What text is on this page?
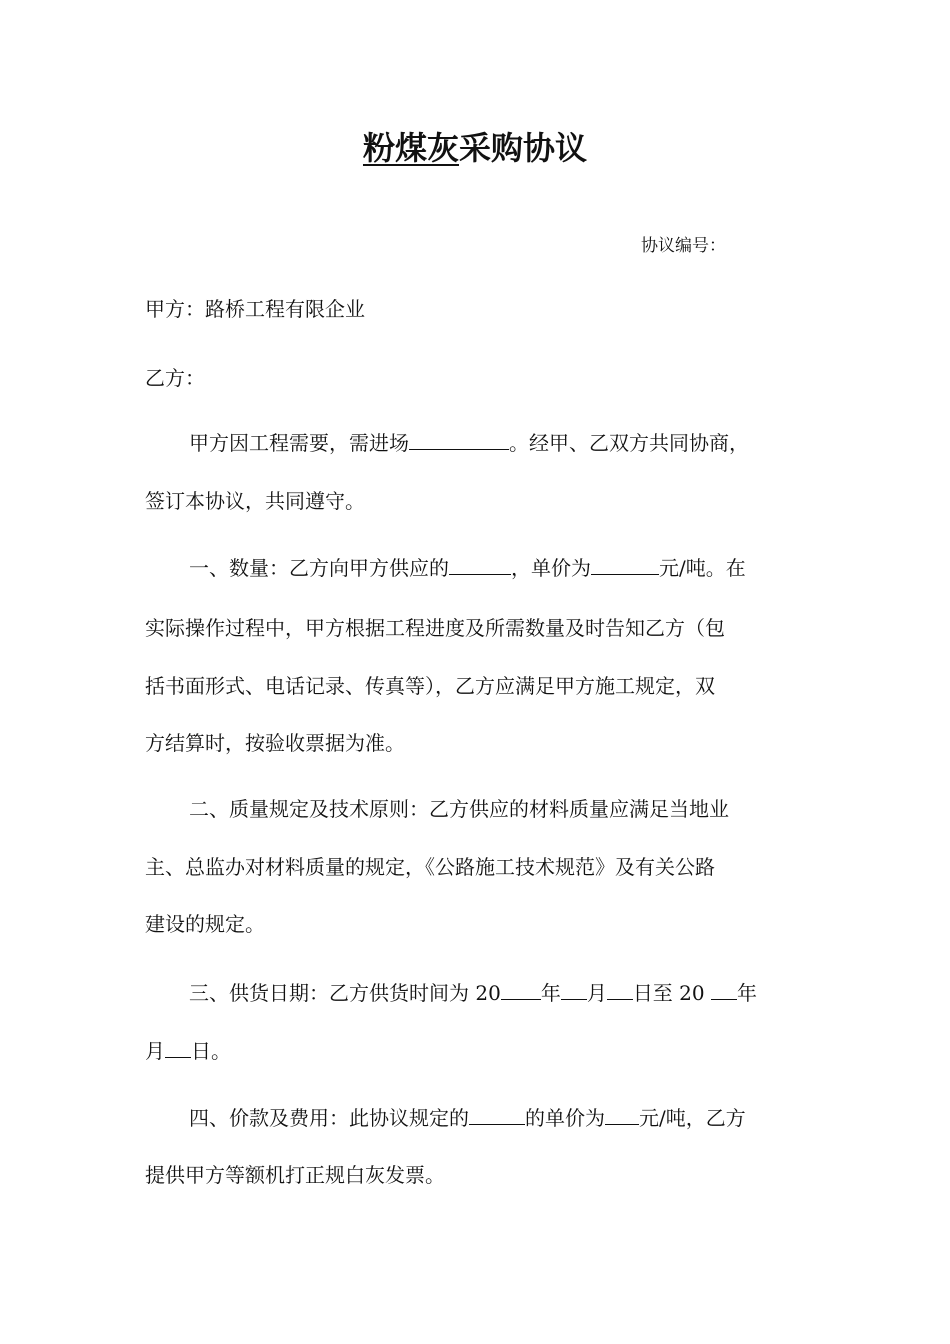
粉煤灰采购协议
协议编号：
甲方：路桥工程有限企业
乙方：
甲方因工程需要，需进场	。经甲、乙双方共同协商，
签订本协议，共同遵守。
一、数量：乙方向甲方供应的	，单价为	元/吨。在
实际操作过程中，甲方根据工程进度及所需数量及时告知乙方（包
括书面形式、电话记录、传真等），乙方应满足甲方施工规定，双
方结算时，按验收票据为准。
二、质量规定及技术原则：乙方供应的材料质量应满足当地业
主、总监办对材料质量的规定，《公路施工技术规范》及有关公路
建设的规定。
三、供货日期：乙方供货时间为 20 年 月 日至 20 年
月 日。
四、价款及费用：此协议规定的	的单价为 元/吨，乙方
提供甲方等额机打正规白灰发票。
